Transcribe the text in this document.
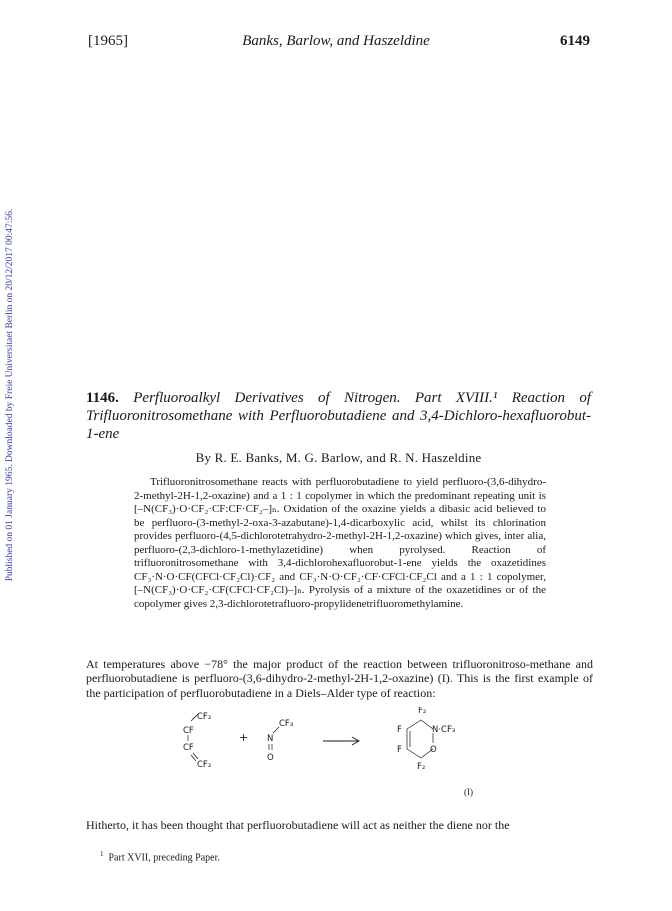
[1965]	Banks, Barlow, and Haszeldine	6149
Published on 01 January 1965. Downloaded by Freie Universitaet Berlin on 20/12/2017 00:47:56.	1146. Perfluoroalkyl Derivatives of Nitrogen. Part XVIII.¹ Reaction of Trifluoronitrosomethane with Perfluorobutadiene and 3,4-Dichloro-hexafluorobut-1-ene
By R. E. Banks, M. G. Barlow, and R. N. Haszeldine

Trifluoronitrosomethane reacts with perfluorobutadiene to yield perfluoro-(3,6-dihydro-2-methyl-2H-1,2-oxazine) and a 1 : 1 copolymer in which the predominant repeating unit is [–N(CF₃)·O·CF₂·CF:CF·CF₂–]ₙ. Oxidation of the oxazine yields a dibasic acid believed to be perfluoro-(3-methyl-2-oxa-3-azabutane)-1,4-dicarboxylic acid, whilst its chlorination provides perfluoro-(4,5-dichlorotetrahydro-2-methyl-2H-1,2-oxazine) which gives, inter alia, perfluoro-(2,3-dichloro-1-methylazetidine) when pyrolysed. Reaction of trifluoronitrosomethane with 3,4-dichlorohexafluorobut-1-ene yields the oxazetidines CF₃·N·O·CF(CFCl·CF₂Cl)·CF₂ and CF₃·N·O·CF₂·CF·CFCl·CF₂Cl and a 1 : 1 copolymer, [–N(CF₃)·O·CF₂·CF(CFCl·CF₂Cl)–]ₙ. Pyrolysis of a mixture of the oxazetidines or of the copolymer gives 2,3-dichlorotetrafluoro-propylidenetrifluoromethylamine.

At temperatures above −78° the major product of the reaction between trifluoronitroso-methane and perfluorobutadiene is perfluoro-(3,6-dihydro-2-methyl-2H-1,2-oxazine) (I). This is the first example of the participation of perfluorobutadiene in a Diels–Alder type of reaction:

CF₂
CF
CF
CF₂
+
CF₃
N
O
F₂
N·CF₃
O
F
F
F₂
(I)

Hitherto, it has been thought that perfluorobutadiene will act as neither the diene nor the

$^1$ Part XVII, preceding Paper.
